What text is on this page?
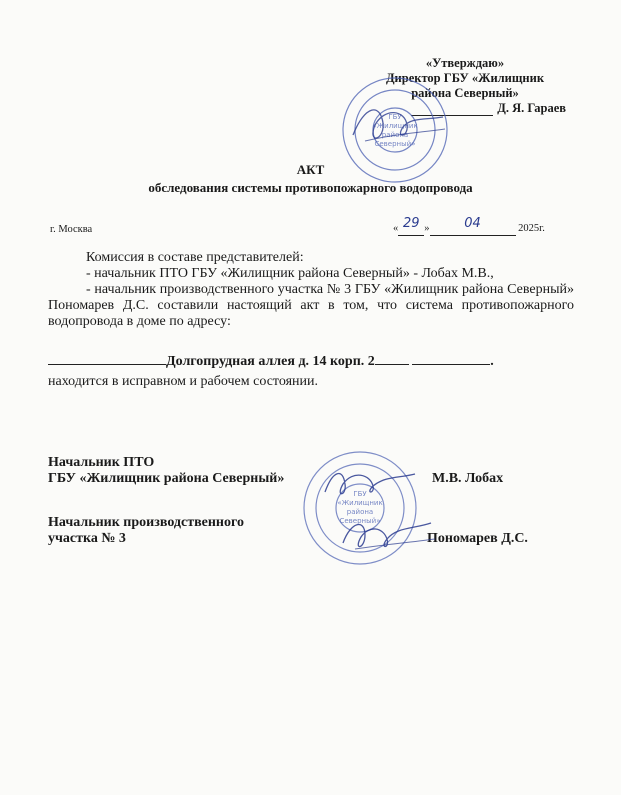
«Утверждаю»
Директор ГБУ «Жилищник
района Северный»
Д. Я. Гараев
ГБУ
«Жилищник
района
Северный»
АКТ
обследования системы противопожарного водопровода
г. Москва	« 29 »	04	2025г.

Комиссия в составе представителей:

- начальник ПТО ГБУ «Жилищник района Северный» - Лобах М.В.,

- начальник производственного участка № 3 ГБУ «Жилищник района Северный» Пономарев Д.С. составили настоящий акт в том, что система противопожарного водопровода в доме по адресу:

Долгопрудная аллея д. 14 корп. 2	.
находится в исправном и рабочем состоянии.
Начальник ПТО
ГБУ «Жилищник района Северный»	М.В. Лобах
Начальник производственного
участка № 3	Пономарев Д.С.
ГБУ
«Жилищник
района
Северный»
